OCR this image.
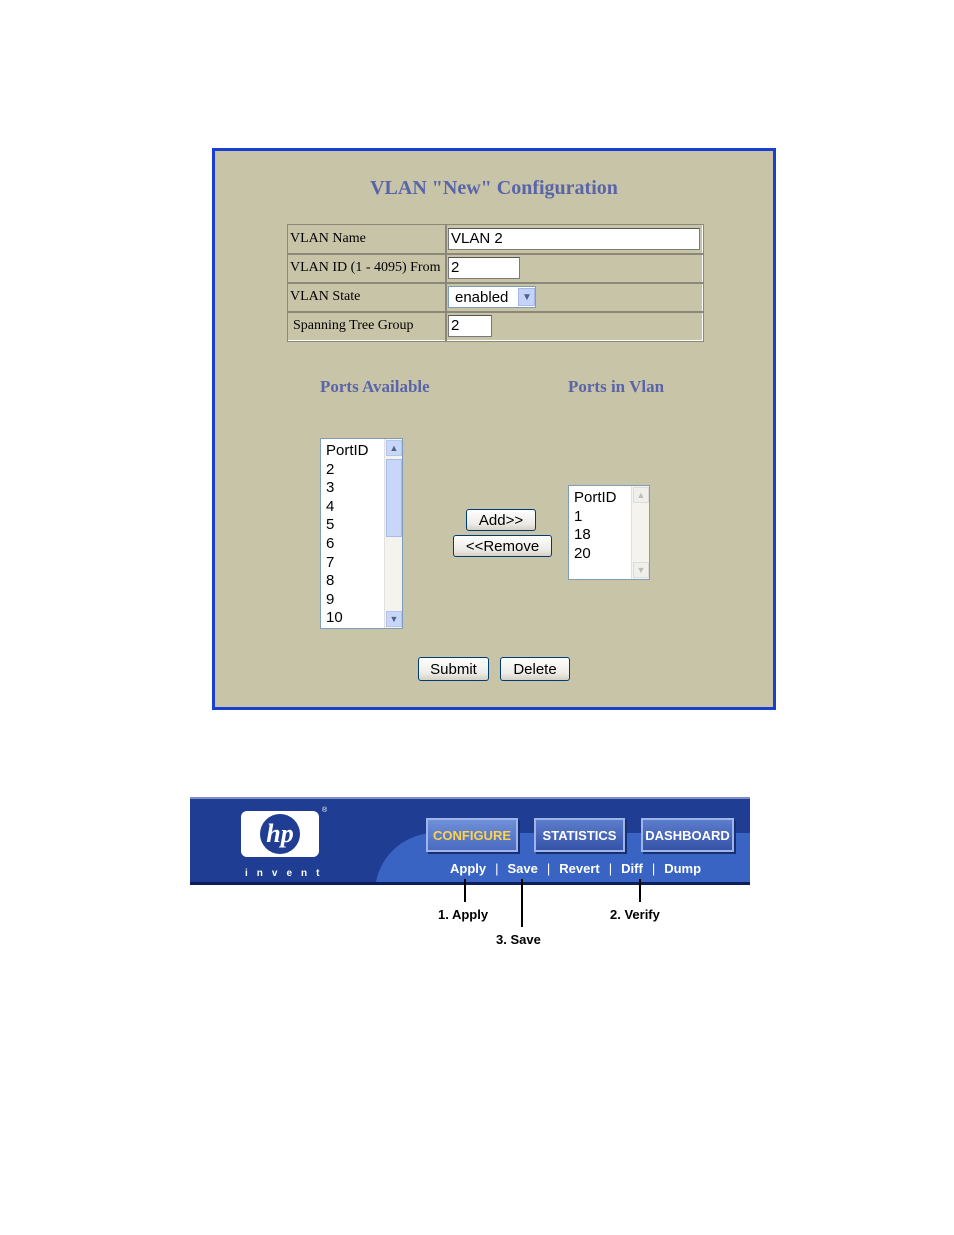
VLAN "New" Configuration
VLAN Name	VLAN 2
VLAN ID (1 - 4095) From	2
VLAN State	enabled ▼

Spanning Tree Group	2
Ports Available	Ports in Vlan
PortID
2
3
4
5
6
7
8
9
10
▲
▼
Add>>
<<Remove
PortID
1
18
20
▲
▼
Submit	Delete
hp
®
invent
CONFIGURE	STATISTICS	DASHBOARD
Apply | Save | Revert | Diff | Dump
1. Apply
3. Save
2. Verify
